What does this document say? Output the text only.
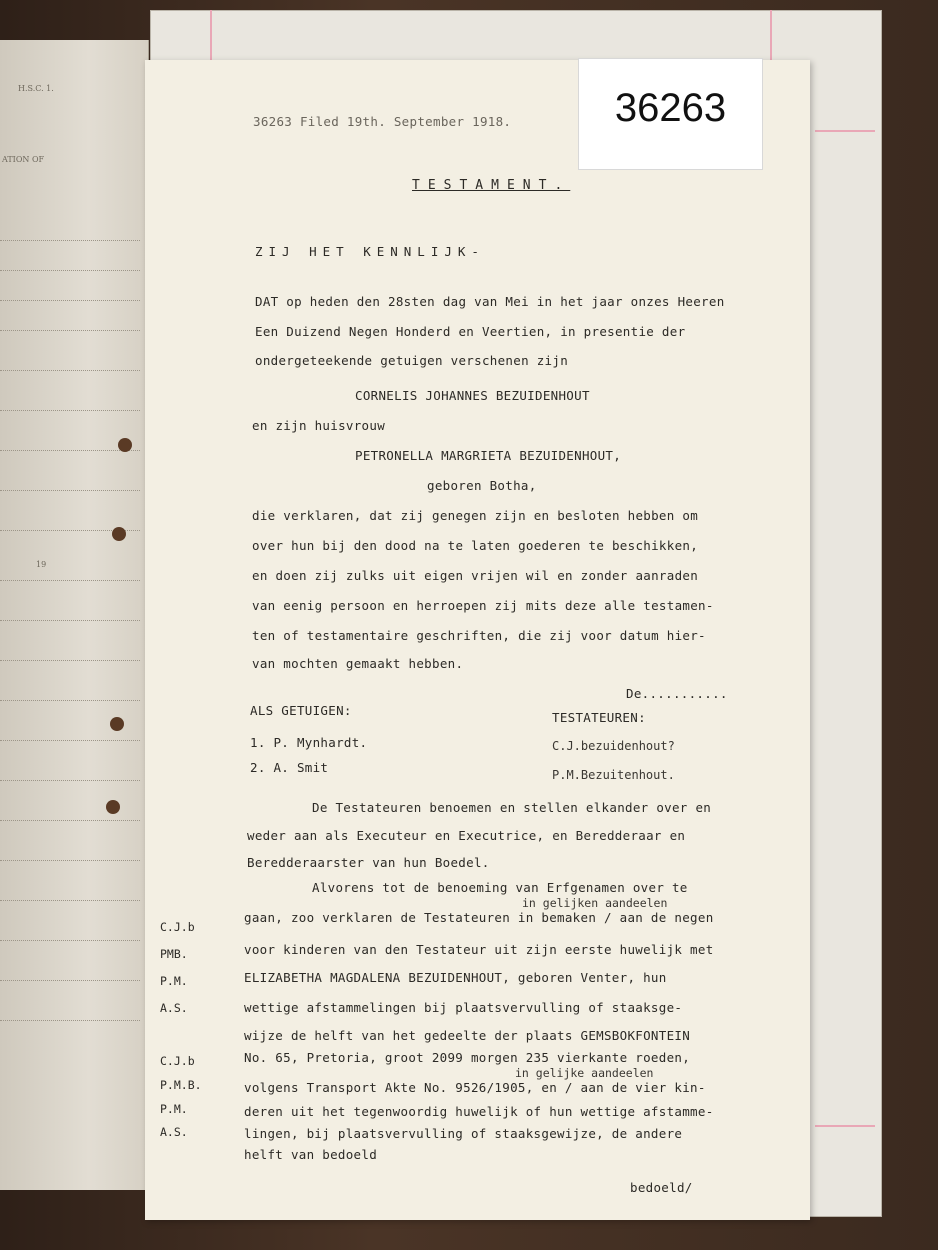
H.S.C. 1.
ATION OF
19
36263
36263 Filed 19th. September 1918.
TESTAMENT.
ZIJ HET KENNLIJK-
DAT op heden den 28sten dag van Mei in het jaar onzes Heeren
Een Duizend Negen Honderd en Veertien, in presentie der
ondergeteekende getuigen verschenen zijn
CORNELIS JOHANNES BEZUIDENHOUT
en zijn huisvrouw
PETRONELLA MARGRIETA BEZUIDENHOUT,
geboren Botha,
die verklaren, dat zij genegen zijn en besloten hebben om
over hun bij den dood na te laten goederen te beschikken,
en doen zij zulks uit eigen vrijen wil en zonder aanraden
van eenig persoon en herroepen zij mits deze alle testamen-
ten of testamentaire geschriften, die zij voor datum hier-
van mochten gemaakt hebben.
De...........
ALS GETUIGEN:	TESTATEUREN:
1. P. Mynhardt.
2. A. Smit
C.J.bezuidenhout?
P.M.Bezuitenhout.
De Testateuren benoemen en stellen elkander over en
weder aan als Executeur en Executrice, en Beredderaar en
Beredderaarster van hun Boedel.
Alvorens tot de benoeming van Erfgenamen over te
in gelijken aandeelen
gaan, zoo verklaren de Testateuren in bemaken / aan de negen
voor kinderen van den Testateur uit zijn eerste huwelijk met
ELIZABETHA MAGDALENA BEZUIDENHOUT, geboren Venter, hun
wettige afstammelingen bij plaatsvervulling of staaksge-
wijze de helft van het gedeelte der plaats GEMSBOKFONTEIN
No. 65, Pretoria, groot 2099 morgen 235 vierkante roeden,
in gelijke aandeelen
volgens Transport Akte No. 9526/1905, en / aan de vier kin-
deren uit het tegenwoordig huwelijk of hun wettige afstamme-
lingen, bij plaatsvervulling of staaksgewijze, de andere
helft van bedoeld
bedoeld/
C.J.b
PMB.
P.M.
A.S.
C.J.b
P.M.B.
P.M.
A.S.
